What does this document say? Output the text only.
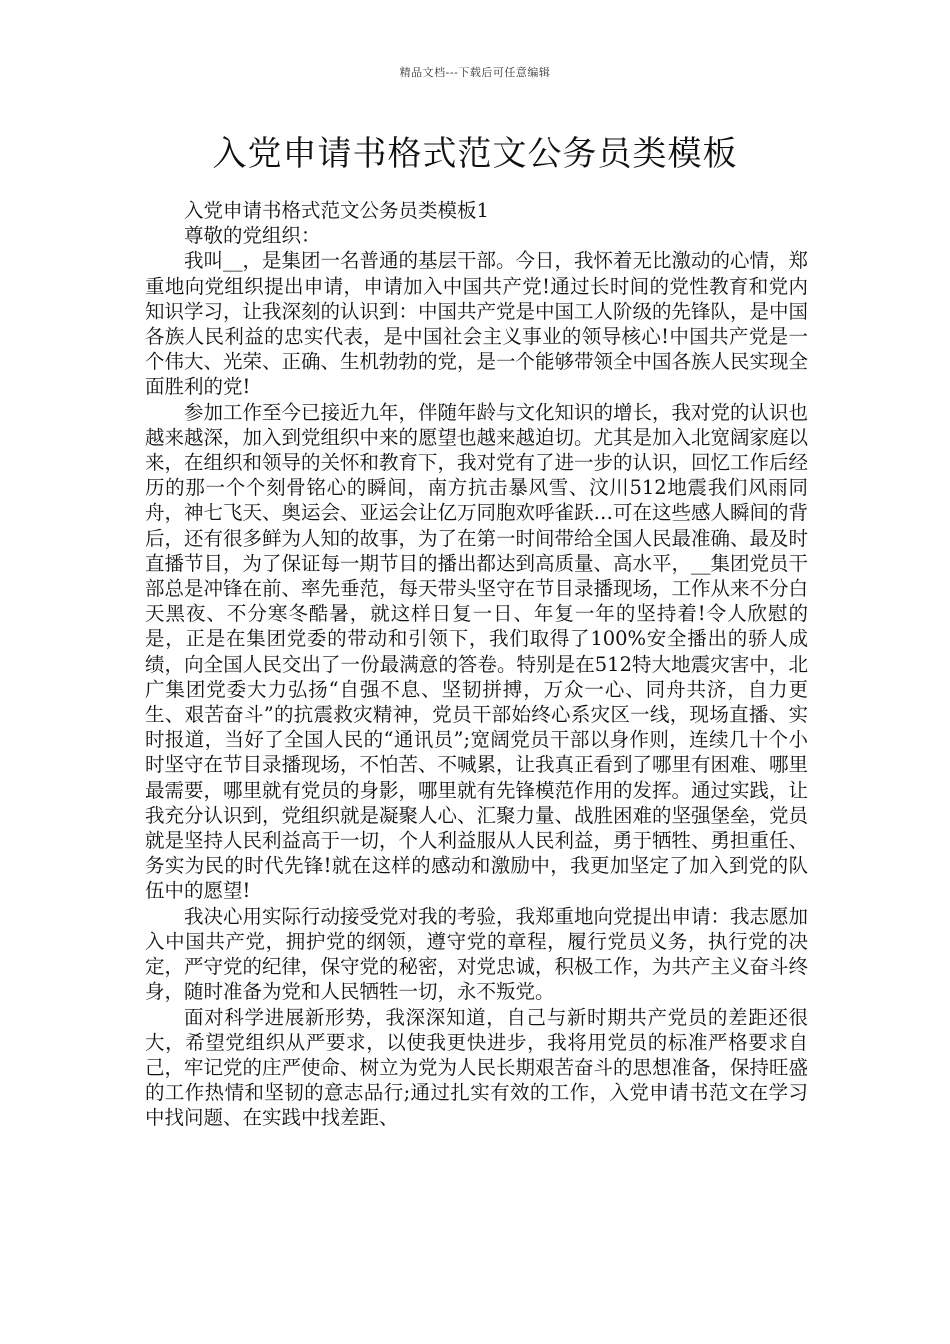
精品文档---下载后可任意编辑
入党申请书格式范文公务员类模板

入党申请书格式范文公务员类模板1

尊敬的党组织：

我叫__，是集团一名普通的基层干部。今日，我怀着无比激动的心情，郑重地向党组织提出申请，申请加入中国共产党!通过长时间的党性教育和党内知识学习，让我深刻的认识到：中国共产党是中国工人阶级的先锋队，是中国各族人民利益的忠实代表，是中国社会主义事业的领导核心!中国共产党是一个伟大、光荣、正确、生机勃勃的党，是一个能够带领全中国各族人民实现全面胜利的党!

参加工作至今已接近九年，伴随年龄与文化知识的增长，我对党的认识也越来越深，加入到党组织中来的愿望也越来越迫切。尤其是加入北宽阔家庭以来，在组织和领导的关怀和教育下，我对党有了进一步的认识，回忆工作后经历的那一个个刻骨铭心的瞬间，南方抗击暴风雪、汶川512地震我们风雨同舟，神七飞天、奥运会、亚运会让亿万同胞欢呼雀跃…可在这些感人瞬间的背后，还有很多鲜为人知的故事，为了在第一时间带给全国人民最准确、最及时直播节目，为了保证每一期节目的播出都达到高质量、高水平，__集团党员干部总是冲锋在前、率先垂范，每天带头坚守在节目录播现场，工作从来不分白天黑夜、不分寒冬酷暑，就这样日复一日、年复一年的坚持着!令人欣慰的是，正是在集团党委的带动和引领下，我们取得了100%安全播出的骄人成绩，向全国人民交出了一份最满意的答卷。特别是在512特大地震灾害中，北广集团党委大力弘扬“自强不息、坚韧拼搏，万众一心、同舟共济，自力更生、艰苦奋斗”的抗震救灾精神，党员干部始终心系灾区一线，现场直播、实时报道，当好了全国人民的“通讯员”;宽阔党员干部以身作则，连续几十个小时坚守在节目录播现场，不怕苦、不喊累，让我真正看到了哪里有困难、哪里最需要，哪里就有党员的身影，哪里就有先锋模范作用的发挥。通过实践，让我充分认识到，党组织就是凝聚人心、汇聚力量、战胜困难的坚强堡垒，党员就是坚持人民利益高于一切，个人利益服从人民利益，勇于牺牲、勇担重任、务实为民的时代先锋!就在这样的感动和激励中，我更加坚定了加入到党的队伍中的愿望!

我决心用实际行动接受党对我的考验，我郑重地向党提出申请：我志愿加入中国共产党，拥护党的纲领，遵守党的章程，履行党员义务，执行党的决定，严守党的纪律，保守党的秘密，对党忠诚，积极工作，为共产主义奋斗终身，随时准备为党和人民牺牲一切，永不叛党。

面对科学进展新形势，我深深知道，自己与新时期共产党员的差距还很大，希望党组织从严要求，以使我更快进步，我将用党员的标准严格要求自己，牢记党的庄严使命、树立为党为人民长期艰苦奋斗的思想准备，保持旺盛的工作热情和坚韧的意志品行;通过扎实有效的工作，入党申请书范文在学习中找问题、在实践中找差距、
